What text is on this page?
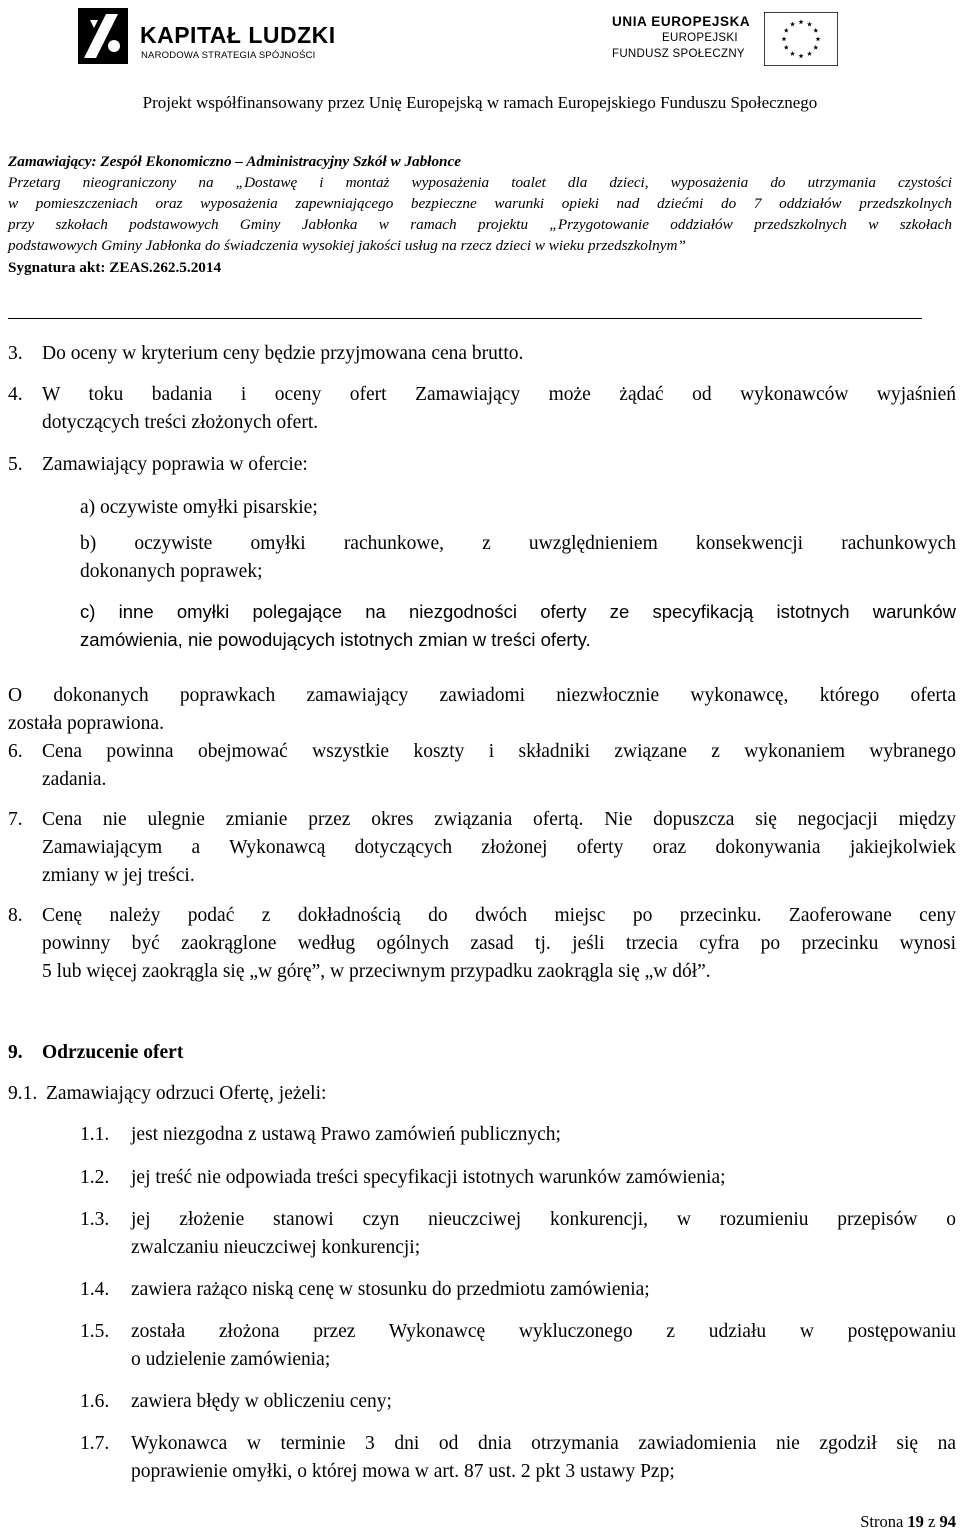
KAPITAŁ LUDZKI
NARODOWA STRATEGIA SPÓJNOŚCI
UNIA EUROPEJSKA
EUROPEJSKI
FUNDUSZ SPOŁECZNY
Projekt współfinansowany przez Unię Europejską w ramach Europejskiego Funduszu Społecznego
Zamawiający: Zespół Ekonomiczno – Administracyjny Szkół w Jabłonce
Przetarg nieograniczony na „Dostawę i montaż wyposażenia toalet dla dzieci, wyposażenia do utrzymania czystości
w pomieszczeniach oraz wyposażenia zapewniającego bezpieczne warunki opieki nad dziećmi do 7 oddziałów przedszkolnych
przy szkołach podstawowych Gminy Jabłonka w ramach projektu „Przygotowanie oddziałów przedszkolnych w szkołach
podstawowych Gminy Jabłonka do świadczenia wysokiej jakości usług na rzecz dzieci w wieku przedszkolnym”
Sygnatura akt: ZEAS.262.5.2014
3. Do oceny w kryterium ceny będzie przyjmowana cena brutto.
4. W toku badania i oceny ofert Zamawiający może żądać od wykonawców wyjaśnień
dotyczących treści złożonych ofert.
5. Zamawiający poprawia w ofercie:
a) oczywiste omyłki pisarskie;
b) oczywiste omyłki rachunkowe, z uwzględnieniem konsekwencji rachunkowych
dokonanych poprawek;
c) inne omyłki polegające na niezgodności oferty ze specyfikacją istotnych warunków
zamówienia, nie powodujących istotnych zmian w treści oferty.
O dokonanych poprawkach zamawiający zawiadomi niezwłocznie wykonawcę, którego oferta
została poprawiona.
6. Cena powinna obejmować wszystkie koszty i składniki związane z wykonaniem wybranego
zadania.
7. Cena nie ulegnie zmianie przez okres związania ofertą. Nie dopuszcza się negocjacji między
Zamawiającym a Wykonawcą dotyczących złożonej oferty oraz dokonywania jakiejkolwiek
zmiany w jej treści.
8. Cenę należy podać z dokładnością do dwóch miejsc po przecinku. Zaoferowane ceny
powinny być zaokrąglone według ogólnych zasad tj. jeśli trzecia cyfra po przecinku wynosi
5 lub więcej zaokrągla się „w górę”, w przeciwnym przypadku zaokrągla się „w dół”.
9. Odrzucenie ofert
9.1. Zamawiający odrzuci Ofertę, jeżeli:
1.1. jest niezgodna z ustawą Prawo zamówień publicznych;
1.2. jej treść nie odpowiada treści specyfikacji istotnych warunków zamówienia;
1.3. jej złożenie stanowi czyn nieuczciwej konkurencji, w rozumieniu przepisów o
zwalczaniu nieuczciwej konkurencji;
1.4. zawiera rażąco niską cenę w stosunku do przedmiotu zamówienia;
1.5. została złożona przez Wykonawcę wykluczonego z udziału w postępowaniu
o udzielenie zamówienia;
1.6. zawiera błędy w obliczeniu ceny;
1.7. Wykonawca w terminie 3 dni od dnia otrzymania zawiadomienia nie zgodził się na
poprawienie omyłki, o której mowa w art. 87 ust. 2 pkt 3 ustawy Pzp;
Strona 19 z 94
